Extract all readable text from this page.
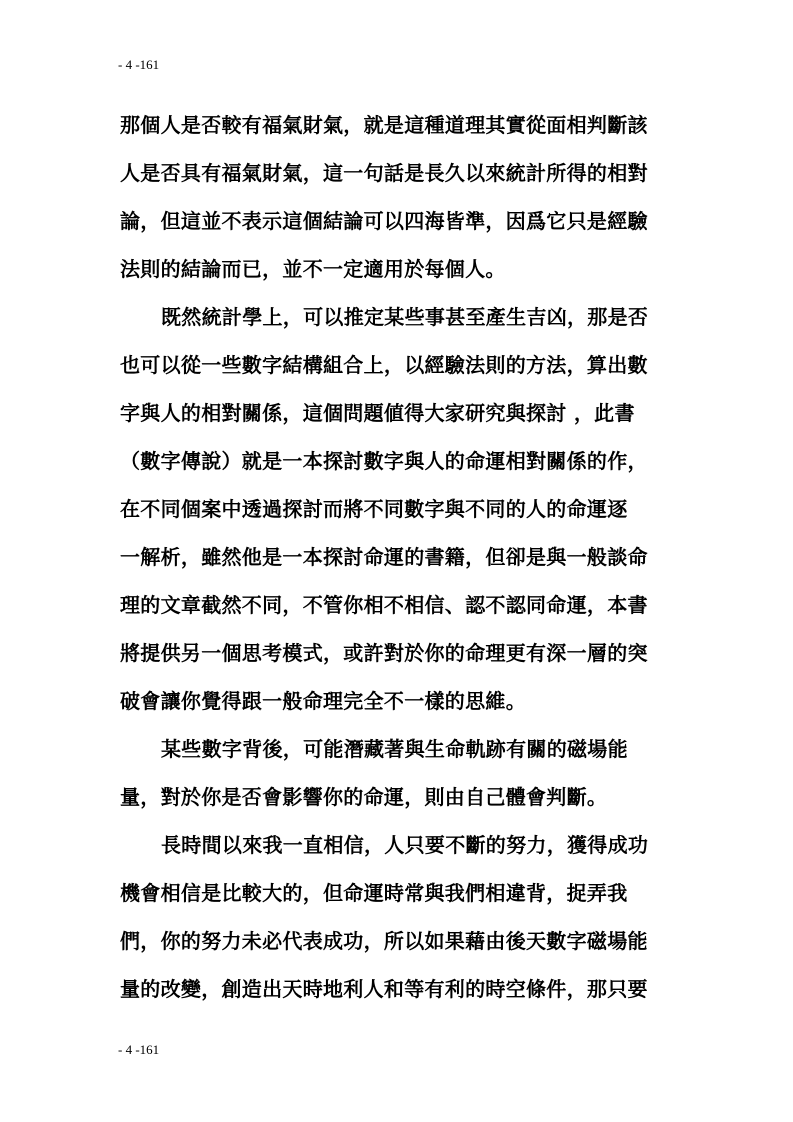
- 4 -161
那個人是否較有福氣財氣，就是這種道理其實從面相判斷該
人是否具有福氣財氣，這一句話是長久以來統計所得的相對
論，但這並不表示這個結論可以四海皆準，因爲它只是經驗
法則的結論而已，並不一定適用於每個人。
既然統計學上，可以推定某些事甚至產生吉凶，那是否
也可以從一些數字結構組合上，以經驗法則的方法，算出數
字與人的相對關係，這個問題値得大家研究與探討 ，此書
（數字傳說）就是一本探討數字與人的命運相對關係的作，
在不同個案中透過探討而將不同數字與不同的人的命運逐
一解析，雖然他是一本探討命運的書籍，但卻是與一般談命
理的文章截然不同，不管你相不相信、認不認同命運，本書
將提供另一個思考模式，或許對於你的命理更有深一層的突
破會讓你覺得跟一般命理完全不一樣的思維。
某些數字背後，可能潛藏著與生命軌跡有關的磁場能
量，對於你是否會影響你的命運，則由自己體會判斷。
長時間以來我一直相信，人只要不斷的努力，獲得成功
機會相信是比較大的，但命運時常與我們相違背，捉弄我
們，你的努力未必代表成功，所以如果藉由後天數字磁場能
量的改變，創造出天時地利人和等有利的時空條件，那只要
- 4 -161
